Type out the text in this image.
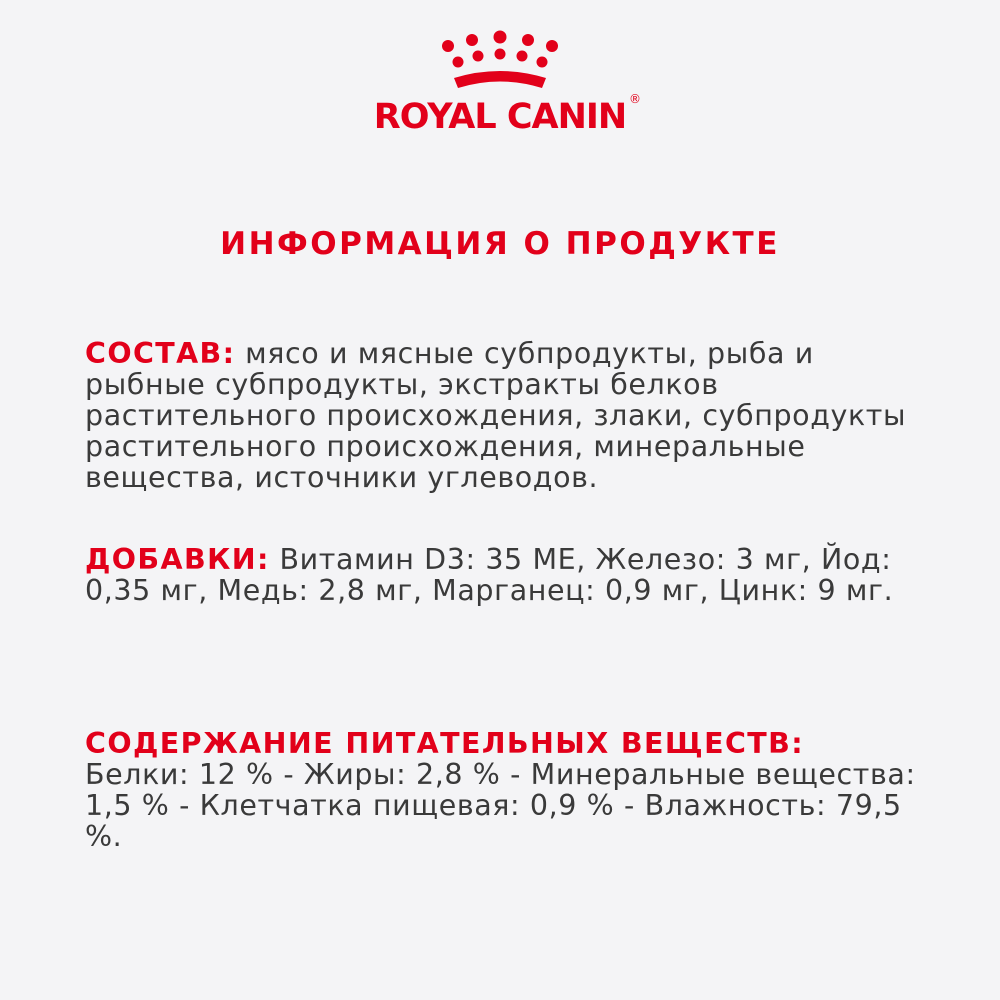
ROYAL CANIN ®
ИНФОРМАЦИЯ О ПРОДУКТЕ

СОСТАВ: мясо и мясные субпродукты, рыба и рыбные субпродукты, экстракты белков растительного происхождения, злаки, субпродукты растительного происхождения, минеральные вещества, источники углеводов.

ДОБАВКИ: Витамин D3: 35 МЕ, Железо: 3 мг, Йод: 0,35 мг, Медь: 2,8 мг, Марганец: 0,9 мг, Цинк: 9 мг.

СОДЕРЖАНИЕ ПИТАТЕЛЬНЫХ ВЕЩЕСТВ:
Белки: 12 % - Жиры: 2,8 % - Минеральные вещества: 1,5 % - Клетчатка пищевая: 0,9 % - Влажность: 79,5 %.
